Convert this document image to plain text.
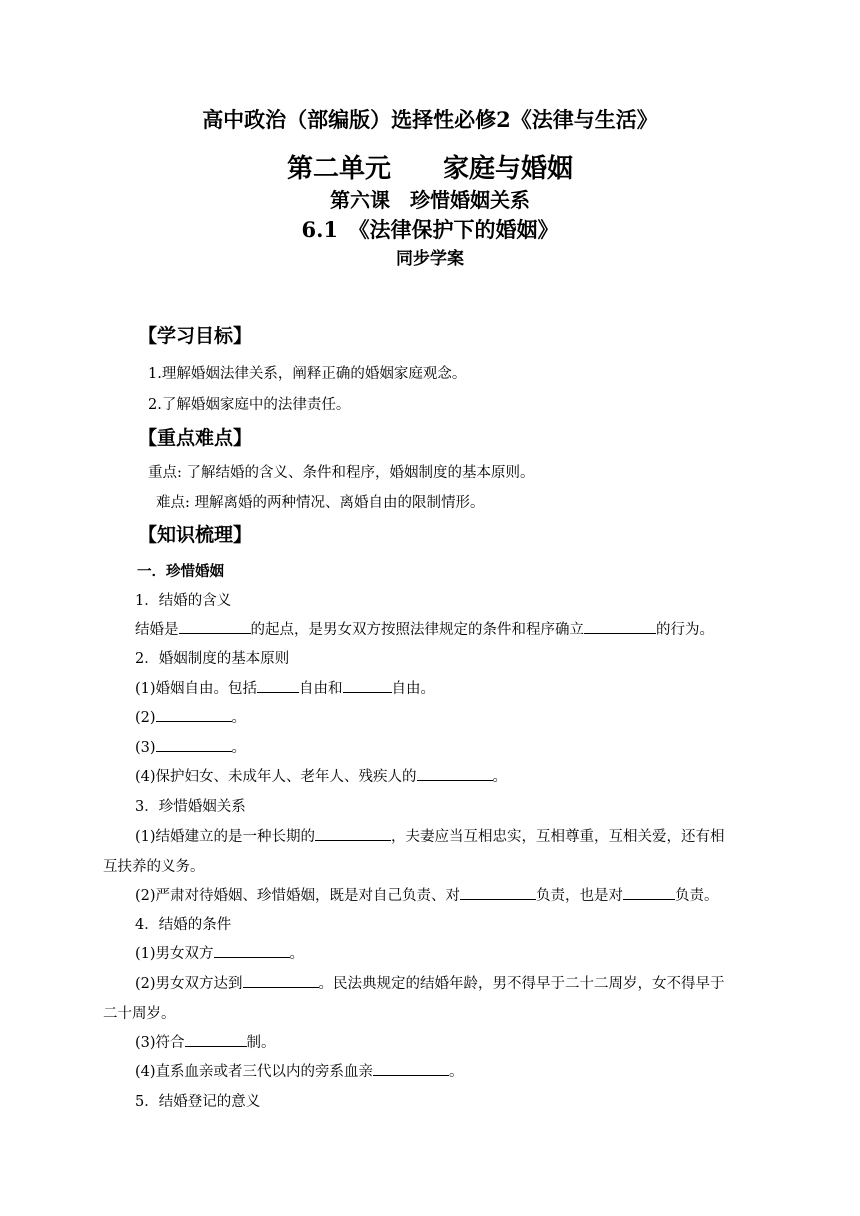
高中政治（部编版）选择性必修2《法律与生活》
第二单元　　家庭与婚姻
第六课　珍惜婚姻关系
6.1　《法律保护下的婚姻》
同步学案
【学习目标】
1.理解婚姻法律关系，阐释正确的婚姻家庭观念。
2.了解婚姻家庭中的法律责任。
【重点难点】
重点: 了解结婚的含义、条件和程序，婚姻制度的基本原则。
难点: 理解离婚的两种情况、离婚自由的限制情形。
【知识梳理】
一．珍惜婚姻
1．结婚的含义
结婚是	的起点，是男女双方按照法律规定的条件和程序确立	的行为。
2．婚姻制度的基本原则
(1)婚姻自由。包括	自由和	自由。
(2)	。
(3)	。
(4)保护妇女、未成年人、老年人、残疾人的	。
3．珍惜婚姻关系
(1)结婚建立的是一种长期的	，夫妻应当互相忠实，互相尊重，互相关爱，还有相
互扶养的义务。
(2)严肃对待婚姻、珍惜婚姻，既是对自己负责、对	负责，也是对	负责。
4．结婚的条件
(1)男女双方	。
(2)男女双方达到	。民法典规定的结婚年龄，男不得早于二十二周岁，女不得早于
二十周岁。
(3)符合	制。
(4)直系血亲或者三代以内的旁系血亲	。
5．结婚登记的意义
